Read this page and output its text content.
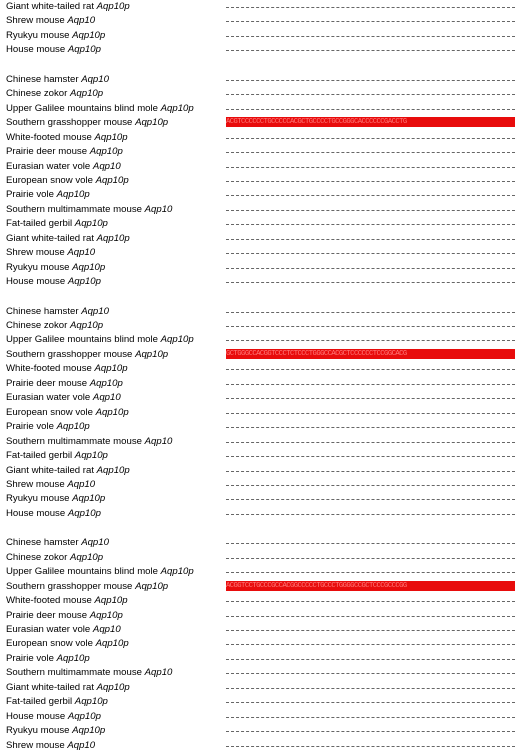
Giant white-tailed rat Aqp10p
Shrew mouse Aqp10
Ryukyu mouse Aqp10p
House mouse Aqp10p
Chinese hamster Aqp10
Chinese zokor Aqp10p
Upper Galilee mountains blind mole Aqp10p
Southern grasshopper mouse Aqp10p	ACGTCCCCCCTGCCCCCACGCTGCCCCTGCCGGGCACCCCCCGACCTG
White-footed mouse Aqp10p
Prairie deer mouse Aqp10p
Eurasian water vole Aqp10
European snow vole Aqp10p
Prairie vole Aqp10p
Southern multimammate mouse Aqp10
Fat-tailed gerbil Aqp10p
Giant white-tailed rat Aqp10p
Shrew mouse Aqp10
Ryukyu mouse Aqp10p
House mouse Aqp10p
Chinese hamster Aqp10
Chinese zokor Aqp10p
Upper Galilee mountains blind mole Aqp10p
Southern grasshopper mouse Aqp10p	GCTGGGCCACGGTCCCTCTCCCTGGGCCACGCTCCCCCCTCCGGCACG
White-footed mouse Aqp10p
Prairie deer mouse Aqp10p
Eurasian water vole Aqp10
European snow vole Aqp10p
Prairie vole Aqp10p
Southern multimammate mouse Aqp10
Fat-tailed gerbil Aqp10p
Giant white-tailed rat Aqp10p
Shrew mouse Aqp10
Ryukyu mouse Aqp10p
House mouse Aqp10p
Chinese hamster Aqp10
Chinese zokor Aqp10p
Upper Galilee mountains blind mole Aqp10p
Southern grasshopper mouse Aqp10p	ACGGTCCTGCCCGCCACGGCCCCCTGCCCTGGGGCCGCTCCCGCCCGG
White-footed mouse Aqp10p
Prairie deer mouse Aqp10p
Eurasian water vole Aqp10
European snow vole Aqp10p
Prairie vole Aqp10p
Southern multimammate mouse Aqp10
Giant white-tailed rat Aqp10p
Fat-tailed gerbil Aqp10p
House mouse Aqp10p
Ryukyu mouse Aqp10p
Shrew mouse Aqp10
